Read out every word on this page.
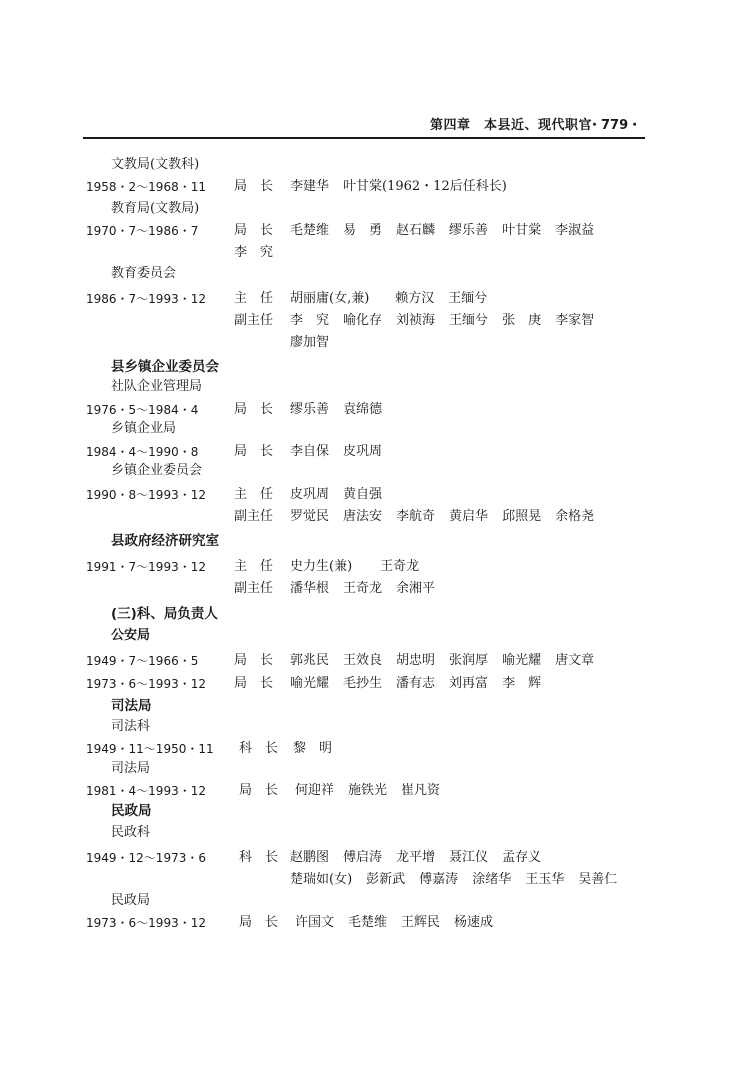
第四章　本县近、现代职官
・779・
文教局(文教科)
1958・2～1968・11 局　长 李建华 叶甘棠(1962・12后任科长)
教育局(文教局)
1970・7～1986・7	局　长 毛楚维 易　勇 赵石麟 缪乐善 叶甘棠 李淑益
李　究
教育委员会
1986・7～1993・12 主　任 胡丽庸(女,兼) 赖方汉 王缅兮
副主任 李　究 喻化存 刘祯海 王缅兮 张　庚 李家智
廖加智
县乡镇企业委员会
社队企业管理局
1976・5～1984・4	局　长 缪乐善 袁绵德
乡镇企业局
1984・4～1990・8	局　长 李自保 皮巩周
乡镇企业委员会
1990・8～1993・12 主　任 皮巩周 黄自强
副主任 罗觉民 唐法安 李航奇 黄启华 邱照晃 余格尧
县政府经济研究室
1991・7～1993・12 主　任 史力生(兼) 王奇龙
副主任 潘华根 王奇龙 余湘平
(三)科、局负责人
公安局
1949・7～1966・5	局　长 郭兆民 王效良 胡忠明 张润厚 喻光耀 唐文章
1973・6～1993・12 局　长 喻光耀 毛抄生 潘有志 刘再富 李　辉
司法局
司法科
1949・11～1950・11 科　长 黎　明
司法局
1981・4～1993・12	局　长 何迎祥 施铁光 崔凡资
民政局
民政科
1949・12～1973・6	科　长 赵鹏图 傅启涛 龙平增 聂江仪 孟存义
楚瑞如(女) 彭新武 傅嘉涛 涂绪华 王玉华 吴善仁
民政局
1973・6～1993・12	局　长 许国文 毛楚维 王辉民 杨速成
